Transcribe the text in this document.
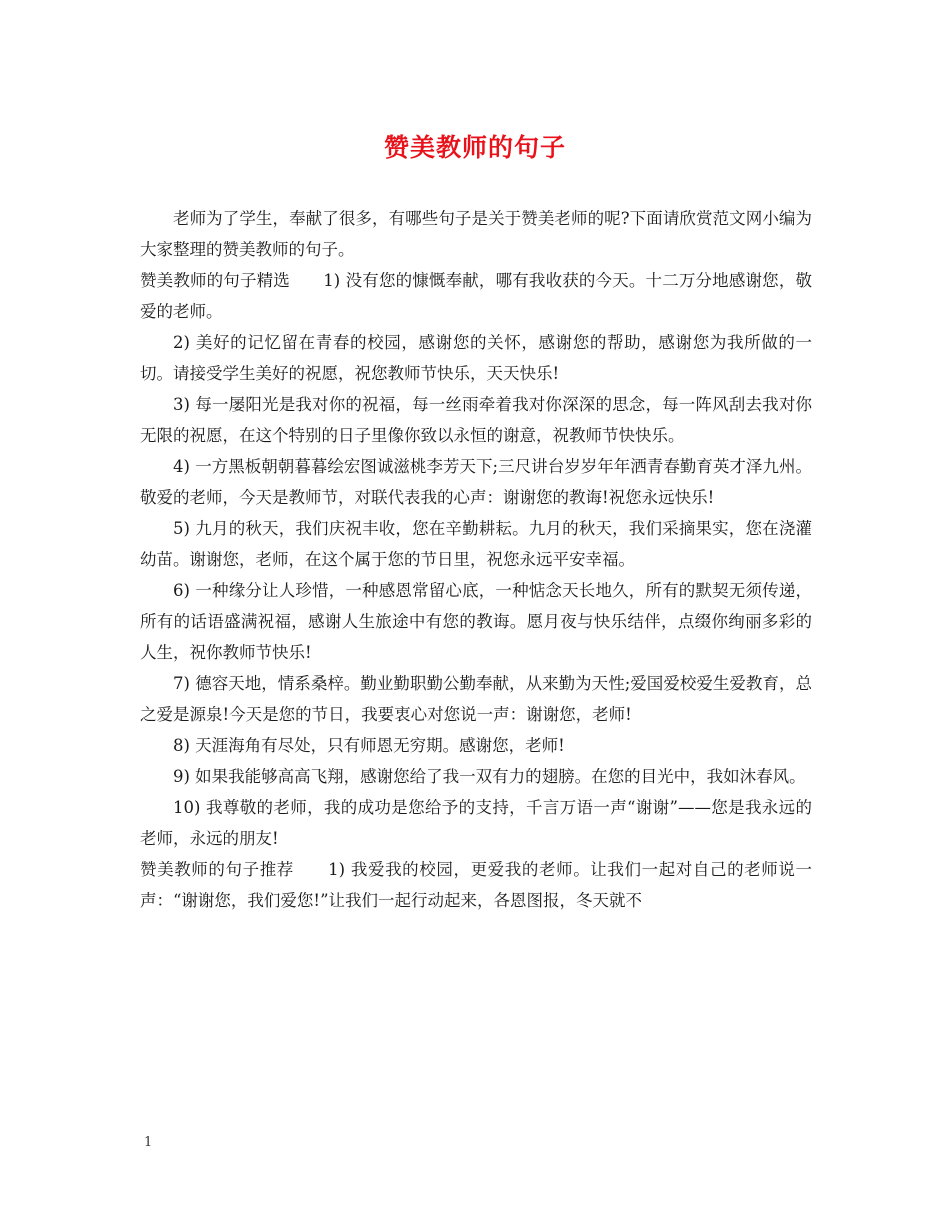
赞美教师的句子

老师为了学生，奉献了很多，有哪些句子是关于赞美老师的呢?下面请欣赏范文网小编为大家整理的赞美教师的句子。

赞美教师的句子精选　　1) 没有您的慷慨奉献，哪有我收获的今天。十二万分地感谢您，敬爱的老师。

2) 美好的记忆留在青春的校园，感谢您的关怀，感谢您的帮助，感谢您为我所做的一切。请接受学生美好的祝愿，祝您教师节快乐，天天快乐!

3) 每一屡阳光是我对你的祝福，每一丝雨牵着我对你深深的思念，每一阵风刮去我对你无限的祝愿，在这个特别的日子里像你致以永恒的谢意，祝教师节快快乐。

4) 一方黑板朝朝暮暮绘宏图诚滋桃李芳天下;三尺讲台岁岁年年洒青春勤育英才泽九州。敬爱的老师，今天是教师节，对联代表我的心声：谢谢您的教诲!祝您永远快乐!

5) 九月的秋天，我们庆祝丰收，您在辛勤耕耘。九月的秋天，我们采摘果实，您在浇灌幼苗。谢谢您，老师，在这个属于您的节日里，祝您永远平安幸福。

6) 一种缘分让人珍惜，一种感恩常留心底，一种惦念天长地久，所有的默契无须传递，所有的话语盛满祝福，感谢人生旅途中有您的教诲。愿月夜与快乐结伴，点缀你绚丽多彩的人生，祝你教师节快乐!

7) 德容天地，情系桑梓。勤业勤职勤公勤奉献，从来勤为天性;爱国爱校爱生爱教育，总之爱是源泉!今天是您的节日，我要衷心对您说一声：谢谢您，老师!

8) 天涯海角有尽处，只有师恩无穷期。感谢您，老师!

9) 如果我能够高高飞翔，感谢您给了我一双有力的翅膀。在您的目光中，我如沐春风。

10) 我尊敬的老师，我的成功是您给予的支持，千言万语一声“谢谢”——您是我永远的老师，永远的朋友!

赞美教师的句子推荐　　1) 我爱我的校园，更爱我的老师。让我们一起对自己的老师说一声：“谢谢您，我们爱您!”让我们一起行动起来，各恩图报，冬天就不

1
